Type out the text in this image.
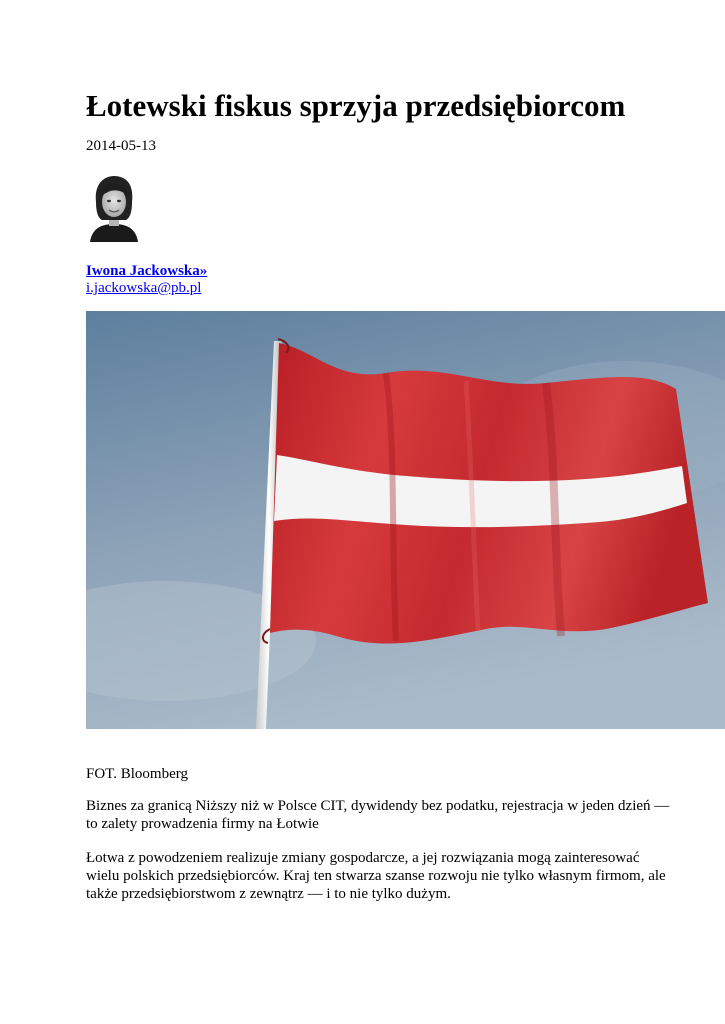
Łotewski fiskus sprzyja przedsiębiorcom
2014-05-13
Iwona Jackowska»
i.jackowska@pb.pl
FOT. Bloomberg

Biznes za granicą Niższy niż w Polsce CIT, dywidendy bez podatku, rejestracja w jeden dzień — to zalety prowadzenia firmy na Łotwie

Łotwa z powodzeniem realizuje zmiany gospodarcze, a jej rozwiązania mogą zainteresować wielu polskich przedsiębiorców. Kraj ten stwarza szanse rozwoju nie tylko własnym firmom, ale także przedsiębiorstwom z zewnątrz — i to nie tylko dużym.
